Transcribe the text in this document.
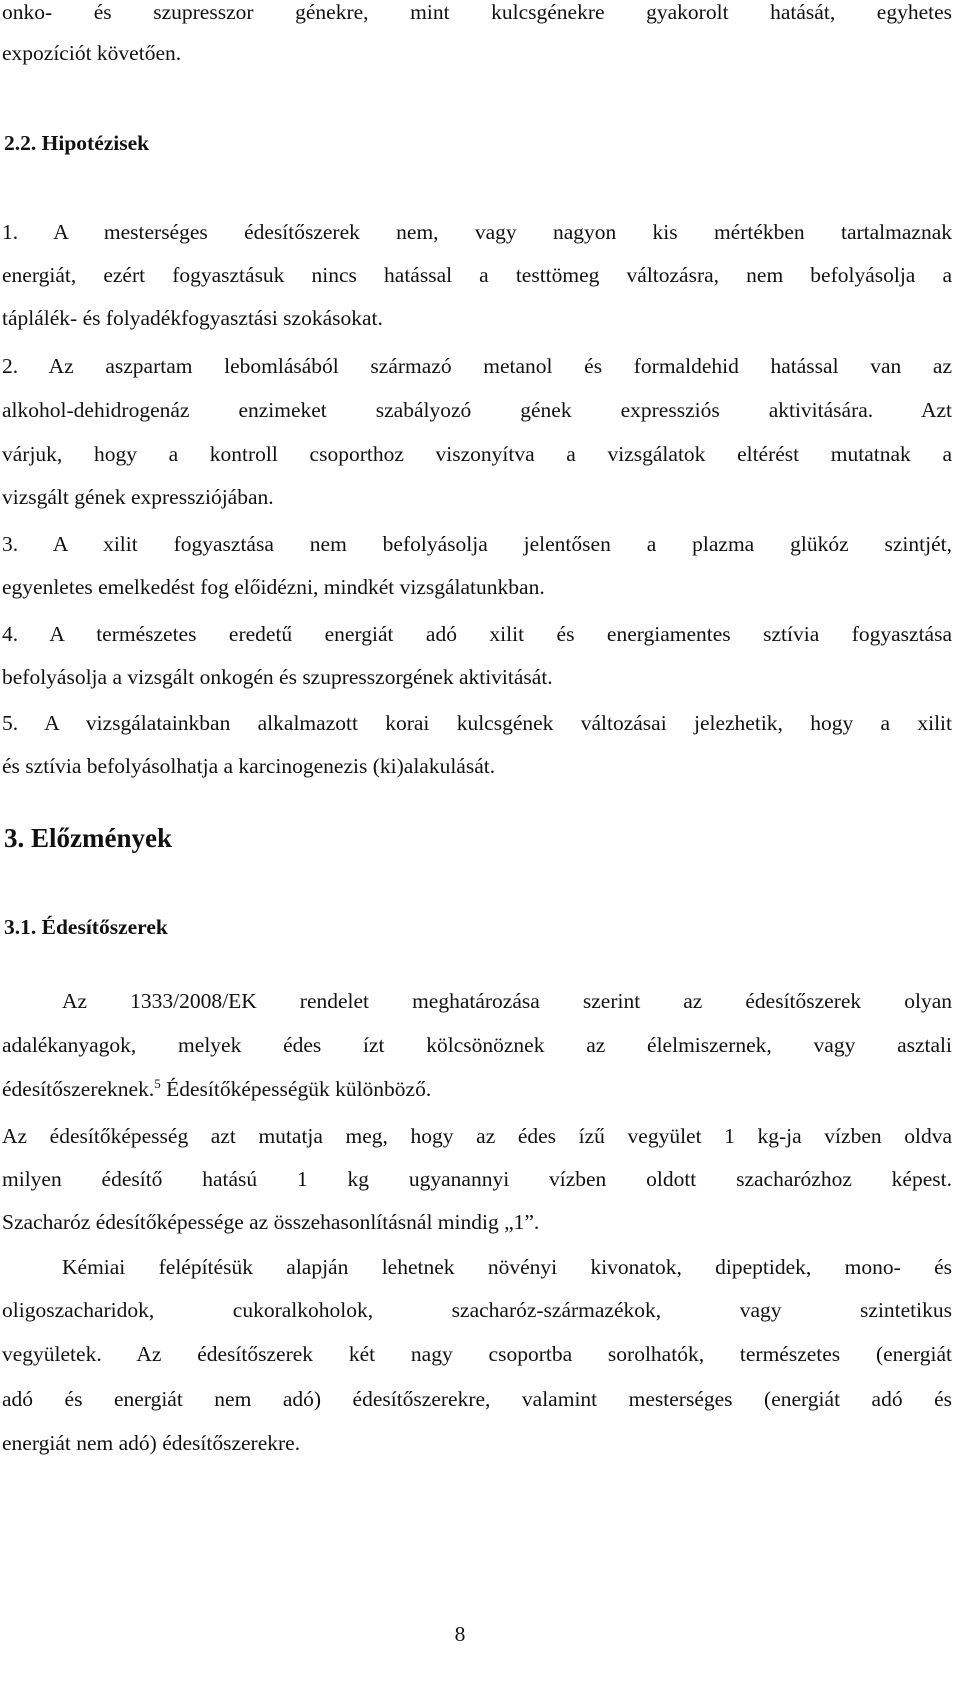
onko- és szupresszor génekre, mint kulcsgénekre gyakorolt hatását, egyhetes
expozíciót követően.
2.2. Hipotézisek
1. A mesterséges édesítőszerek nem, vagy nagyon kis mértékben tartalmaznak
energiát, ezért fogyasztásuk nincs hatással a testtömeg változásra, nem befolyásolja a
táplálék- és folyadékfogyasztási szokásokat.
2. Az aszpartam lebomlásából származó metanol és formaldehid hatással van az
alkohol-dehidrogenáz enzimeket szabályozó gének expressziós aktivitására. Azt
várjuk, hogy a kontroll csoporthoz viszonyítva a vizsgálatok eltérést mutatnak a
vizsgált gének expressziójában.
3. A xilit fogyasztása nem befolyásolja jelentősen a plazma glükóz szintjét,
egyenletes emelkedést fog előidézni, mindkét vizsgálatunkban.
4. A természetes eredetű energiát adó xilit és energiamentes sztívia fogyasztása
befolyásolja a vizsgált onkogén és szupresszorgének aktivitását.
5. A vizsgálatainkban alkalmazott korai kulcsgének változásai jelezhetik, hogy a xilit
és sztívia befolyásolhatja a karcinogenezis (ki)alakulását.
3. Előzmények
3.1. Édesítőszerek
Az 1333/2008/EK rendelet meghatározása szerint az édesítőszerek olyan
adalékanyagok, melyek édes ízt kölcsönöznek az élelmiszernek, vagy asztali
édesítőszereknek.$^5$ Édesítőképességük különböző.
Az édesítőképesség azt mutatja meg, hogy az édes ízű vegyület 1 kg-ja vízben oldva
milyen édesítő hatású 1 kg ugyanannyi vízben oldott szacharózhoz képest.
Szacharóz édesítőképessége az összehasonlításnál mindig „1”.
Kémiai felépítésük alapján lehetnek növényi kivonatok, dipeptidek, mono- és
oligoszacharidok, cukoralkoholok, szacharóz-származékok, vagy szintetikus
vegyületek. Az édesítőszerek két nagy csoportba sorolhatók, természetes (energiát
adó és energiát nem adó) édesítőszerekre, valamint mesterséges (energiát adó és
energiát nem adó) édesítőszerekre.
8
